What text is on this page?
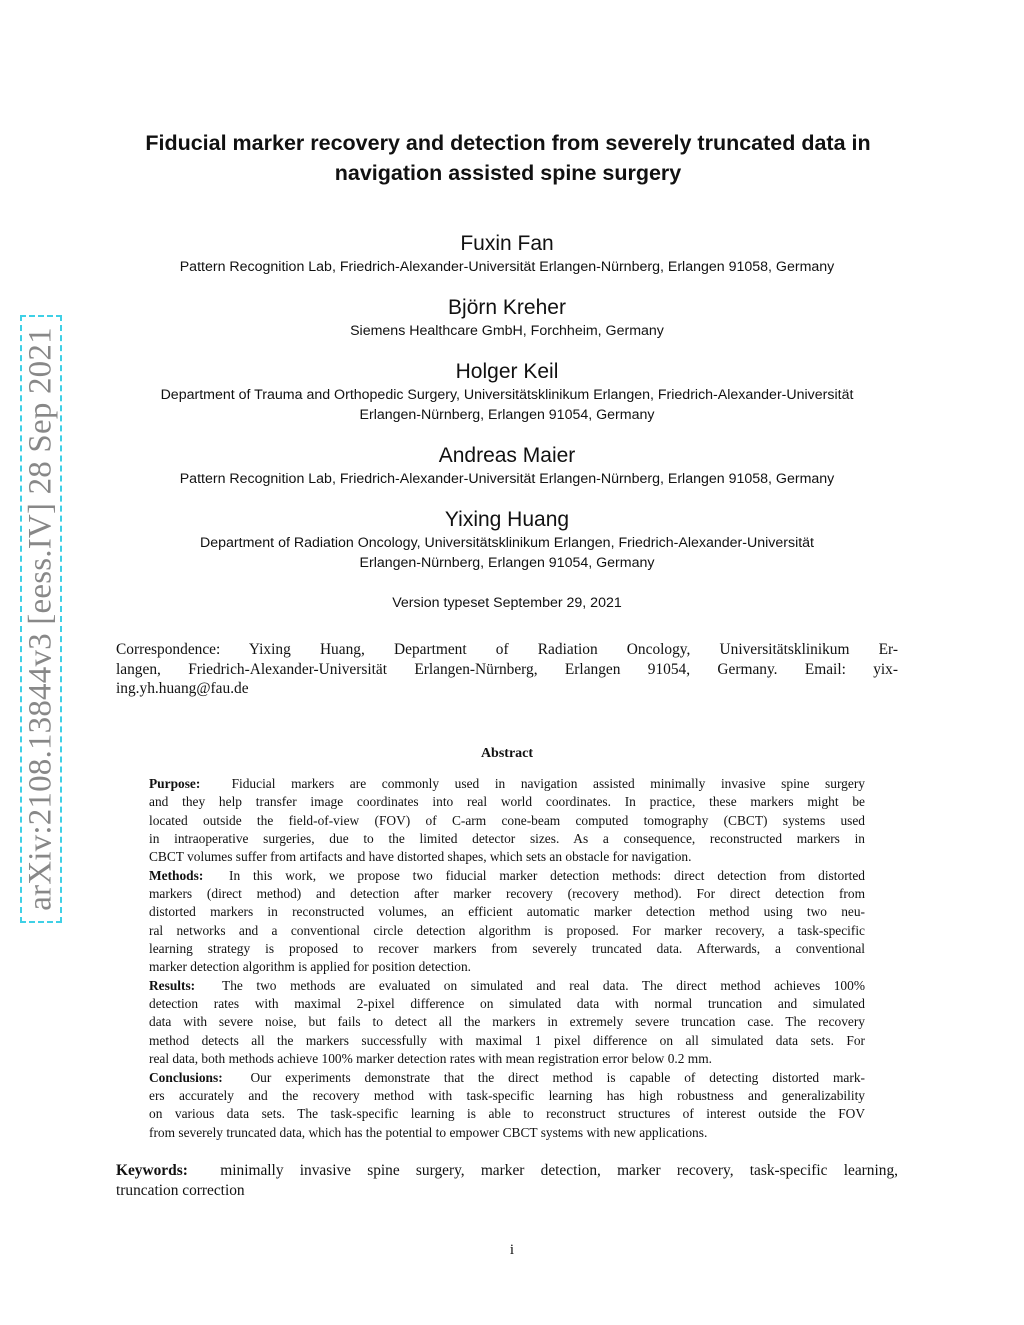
arXiv:2108.13844v3 [eess.IV] 28 Sep 2021
Fiducial marker recovery and detection from severely truncated data in
navigation assisted spine surgery
Fuxin Fan
Pattern Recognition Lab, Friedrich-Alexander-Universität Erlangen-Nürnberg, Erlangen 91058, Germany
Björn Kreher
Siemens Healthcare GmbH, Forchheim, Germany
Holger Keil
Department of Trauma and Orthopedic Surgery, Universitätsklinikum Erlangen, Friedrich-Alexander-Universität
Erlangen-Nürnberg, Erlangen 91054, Germany
Andreas Maier
Pattern Recognition Lab, Friedrich-Alexander-Universität Erlangen-Nürnberg, Erlangen 91058, Germany
Yixing Huang
Department of Radiation Oncology, Universitätsklinikum Erlangen, Friedrich-Alexander-Universität
Erlangen-Nürnberg, Erlangen 91054, Germany
Version typeset September 29, 2021
Correspondence: Yixing Huang, Department of Radiation Oncology, Universitätsklinikum Er-
langen, Friedrich-Alexander-Universität Erlangen-Nürnberg, Erlangen 91054, Germany. Email: yix-
ing.yh.huang@fau.de
Abstract
Purpose: Fiducial markers are commonly used in navigation assisted minimally invasive spine surgery
and they help transfer image coordinates into real world coordinates. In practice, these markers might be
located outside the field-of-view (FOV) of C-arm cone-beam computed tomography (CBCT) systems used
in intraoperative surgeries, due to the limited detector sizes. As a consequence, reconstructed markers in
CBCT volumes suffer from artifacts and have distorted shapes, which sets an obstacle for navigation.
Methods: In this work, we propose two fiducial marker detection methods: direct detection from distorted
markers (direct method) and detection after marker recovery (recovery method). For direct detection from
distorted markers in reconstructed volumes, an efficient automatic marker detection method using two neu-
ral networks and a conventional circle detection algorithm is proposed. For marker recovery, a task-specific
learning strategy is proposed to recover markers from severely truncated data. Afterwards, a conventional
marker detection algorithm is applied for position detection.
Results: The two methods are evaluated on simulated and real data. The direct method achieves 100%
detection rates with maximal 2-pixel difference on simulated data with normal truncation and simulated
data with severe noise, but fails to detect all the markers in extremely severe truncation case. The recovery
method detects all the markers successfully with maximal 1 pixel difference on all simulated data sets. For
real data, both methods achieve 100% marker detection rates with mean registration error below 0.2 mm.
Conclusions: Our experiments demonstrate that the direct method is capable of detecting distorted mark-
ers accurately and the recovery method with task-specific learning has high robustness and generalizability
on various data sets. The task-specific learning is able to reconstruct structures of interest outside the FOV
from severely truncated data, which has the potential to empower CBCT systems with new applications.
Keywords: minimally invasive spine surgery, marker detection, marker recovery, task-specific learning,
truncation correction
i
